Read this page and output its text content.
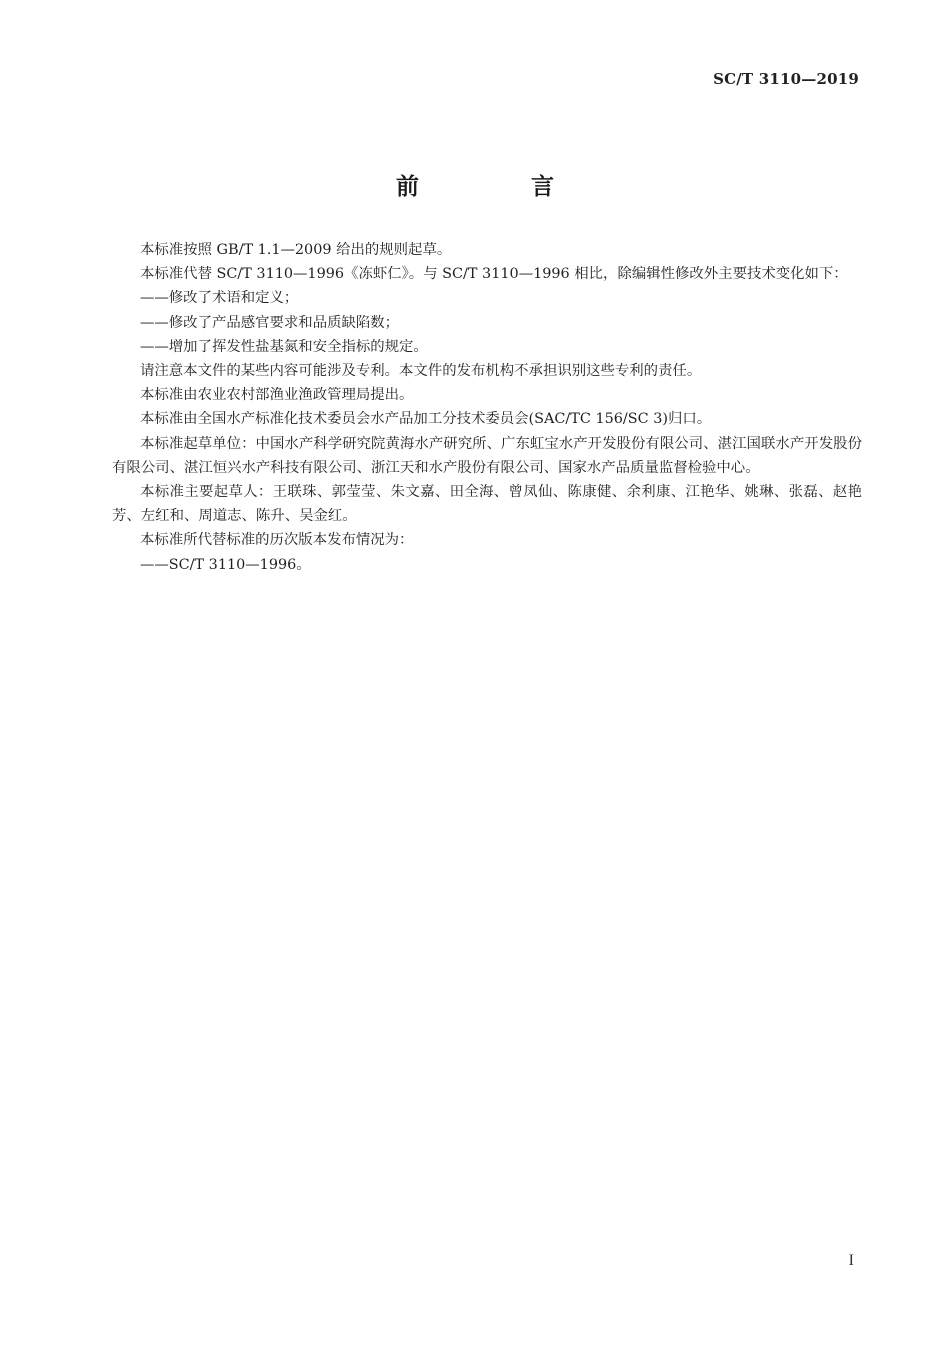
SC/T 3110—2019
前 言

本标准按照 GB/T 1.1—2009 给出的规则起草。

本标准代替 SC/T 3110—1996《冻虾仁》。与 SC/T 3110—1996 相比，除编辑性修改外主要技术变化如下：

——修改了术语和定义；

——修改了产品感官要求和品质缺陷数；

——增加了挥发性盐基氮和安全指标的规定。

请注意本文件的某些内容可能涉及专利。本文件的发布机构不承担识别这些专利的责任。

本标准由农业农村部渔业渔政管理局提出。

本标准由全国水产标准化技术委员会水产品加工分技术委员会(SAC/TC 156/SC 3)归口。

本标准起草单位：中国水产科学研究院黄海水产研究所、广东虹宝水产开发股份有限公司、湛江国联水产开发股份有限公司、湛江恒兴水产科技有限公司、浙江天和水产股份有限公司、国家水产品质量监督检验中心。

本标准主要起草人：王联珠、郭莹莹、朱文嘉、田全海、曾凤仙、陈康健、余利康、江艳华、姚琳、张磊、赵艳芳、左红和、周道志、陈升、吴金红。

本标准所代替标准的历次版本发布情况为：

——SC/T 3110—1996。

I
